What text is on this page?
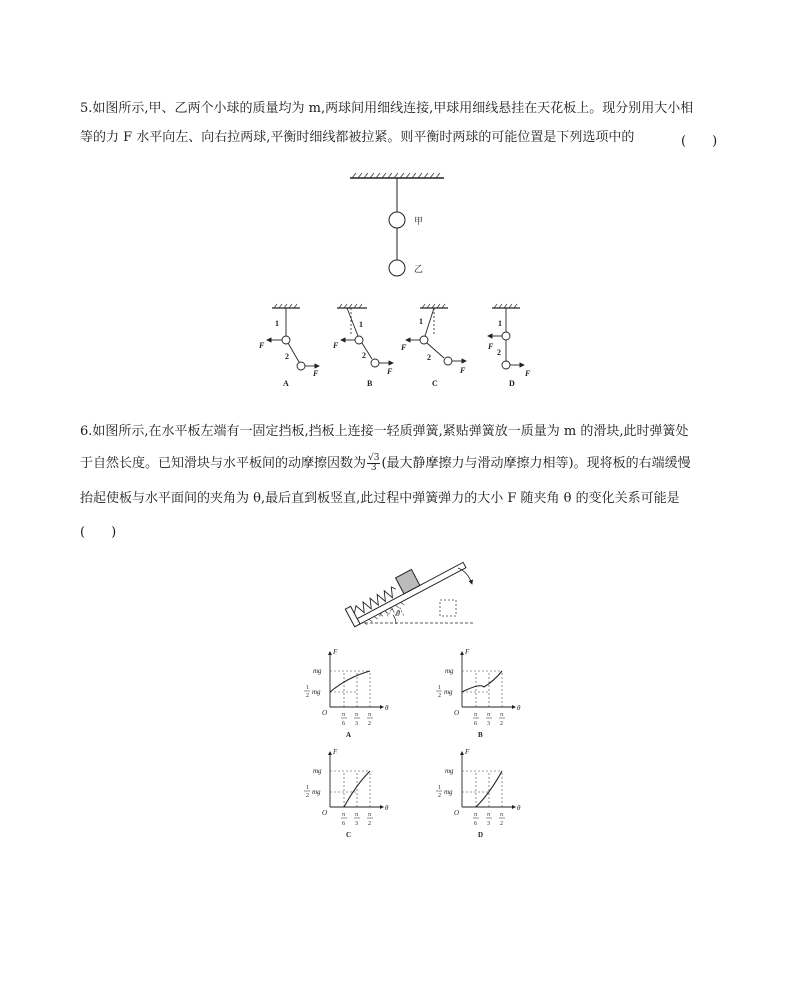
5.如图所示,甲、乙两个小球的质量均为 m,两球间用细线连接,甲球用细线悬挂在天花板上。现分别用大小相
等的力 F 水平向左、向右拉两球,平衡时细线都被拉紧。则平衡时两球的可能位置是下列选项中的	(　　)
甲
乙
1
2
F
F
A
1
2
F
F
B
1
2
F
F
C
1
2
F
F
D
6.如图所示,在水平板左端有一固定挡板,挡板上连接一轻质弹簧,紧贴弹簧放一质量为 m 的滑块,此时弹簧处
于自然长度。已知滑块与水平板间的动摩擦因数为 $\frac{√3}{3}$ (最大静摩擦力与滑动摩擦力相等)。现将板的右端缓慢
抬起使板与水平面间的夹角为 θ,最后直到板竖直,此过程中弹簧弹力的大小 F 随夹角 θ 的变化关系可能是
(　　)
θ
F
θ
O
mg
1
2 mg
π
6
π
3
π
2
A
F
θ
O
mg
1
2 mg
π
6
π
3
π
2
B
F
θ
O
mg
1
2 mg
π
6
π
3
π
2
C
F
θ
O
mg
1
2 mg
π
6
π
3
π
2
D
